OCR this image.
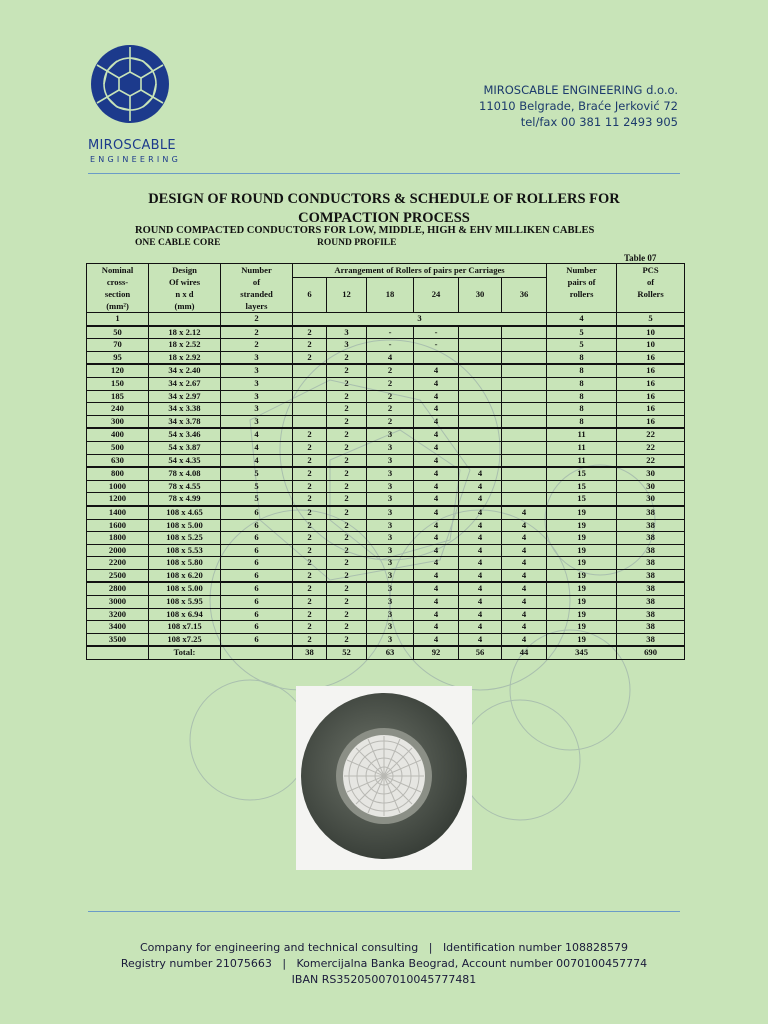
MIROSCABLE
ENGINEERING
MIROSCABLE ENGINEERING d.o.o.
11010 Belgrade, Braće Jerković 72
tel/fax 00 381 11 2493 905
DESIGN OF ROUND CONDUCTORS & SCHEDULE OF ROLLERS FOR COMPACTION PROCESS
ROUND COMPACTED CONDUCTORS FOR LOW, MIDDLE, HIGH & EHV MILLIKEN CABLES
ONE CABLE CORE	ROUND PROFILE
Table 07
Nominal
cross-
section
(mm²)	Design
Of wires
n x d
(mm)	Number
of
stranded
layers	Arrangement of Rollers of pairs per Carriages						Number
pairs of
rollers	PCS
of
Rollers
			6	12	18	24	30	36		
1		2	3						4	5
50	18 x 2.12	2	2	3	-	-			5	10
70	18 x 2.52	2	2	3	-	-			5	10
95	18 x 2.92	3	2	2	4				8	16
120	34 x 2.40	3		2	2	4			8	16
150	34 x 2.67	3		2	2	4			8	16
185	34 x 2.97	3		2	2	4			8	16
240	34 x 3.38	3		2	2	4			8	16
300	34 x 3.78	3		2	2	4			8	16
400	54 x 3.46	4	2	2	3	4			11	22
500	54 x 3.87	4	2	2	3	4			11	22
630	54 x 4.35	4	2	2	3	4			11	22
800	78 x 4.08	5	2	2	3	4	4		15	30
1000	78 x 4.55	5	2	2	3	4	4		15	30
1200	78 x 4.99	5	2	2	3	4	4		15	30
1400	108 x 4.65	6	2	2	3	4	4	4	19	38
1600	108 x 5.00	6	2	2	3	4	4	4	19	38
1800	108 x 5.25	6	2	2	3	4	4	4	19	38
2000	108 x 5.53	6	2	2	3	4	4	4	19	38
2200	108 x 5.80	6	2	2	3	4	4	4	19	38
2500	108 x 6.20	6	2	2	3	4	4	4	19	38
2800	108 x 5.00	6	2	2	3	4	4	4	19	38
3000	108 x 5.95	6	2	2	3	4	4	4	19	38
3200	108 x 6.94	6	2	2	3	4	4	4	19	38
3400	108 x7.15	6	2	2	3	4	4	4	19	38
3500	108 x7.25	6	2	2	3	4	4	4	19	38
	Total:		38	52	63	92	56	44	345	690
Company for engineering and technical consulting   |   Identification number 108828579
Registry number 21075663   |   Komercijalna Banka Beograd, Account number 0070100457774
IBAN RS35205007010045777481
